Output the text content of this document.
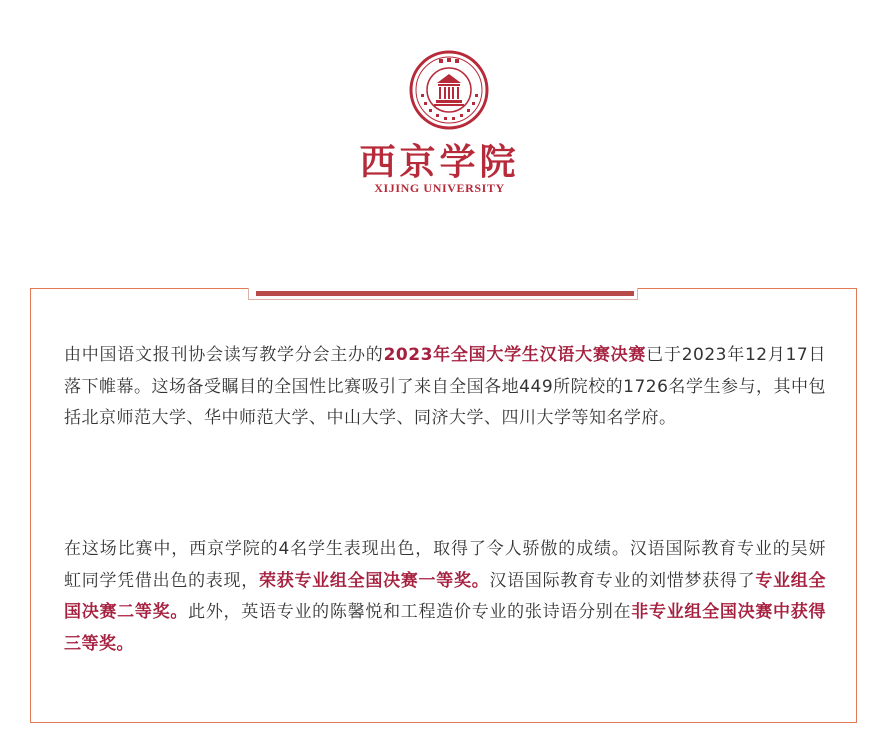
西京学院
XIJING UNIVERSITY

由中国语文报刊协会读写教学分会主办的2023年全国大学生汉语大赛决赛已于2023年12月17日落下帷幕。这场备受瞩目的全国性比赛吸引了来自全国各地449所院校的1726名学生参与，其中包括北京师范大学、华中师范大学、中山大学、同济大学、四川大学等知名学府。

在这场比赛中，西京学院的4名学生表现出色，取得了令人骄傲的成绩。汉语国际教育专业的吴妍虹同学凭借出色的表现，荣获专业组全国决赛一等奖。汉语国际教育专业的刘惜梦获得了专业组全国决赛二等奖。此外，英语专业的陈馨悦和工程造价专业的张诗语分别在非专业组全国决赛中获得三等奖。
